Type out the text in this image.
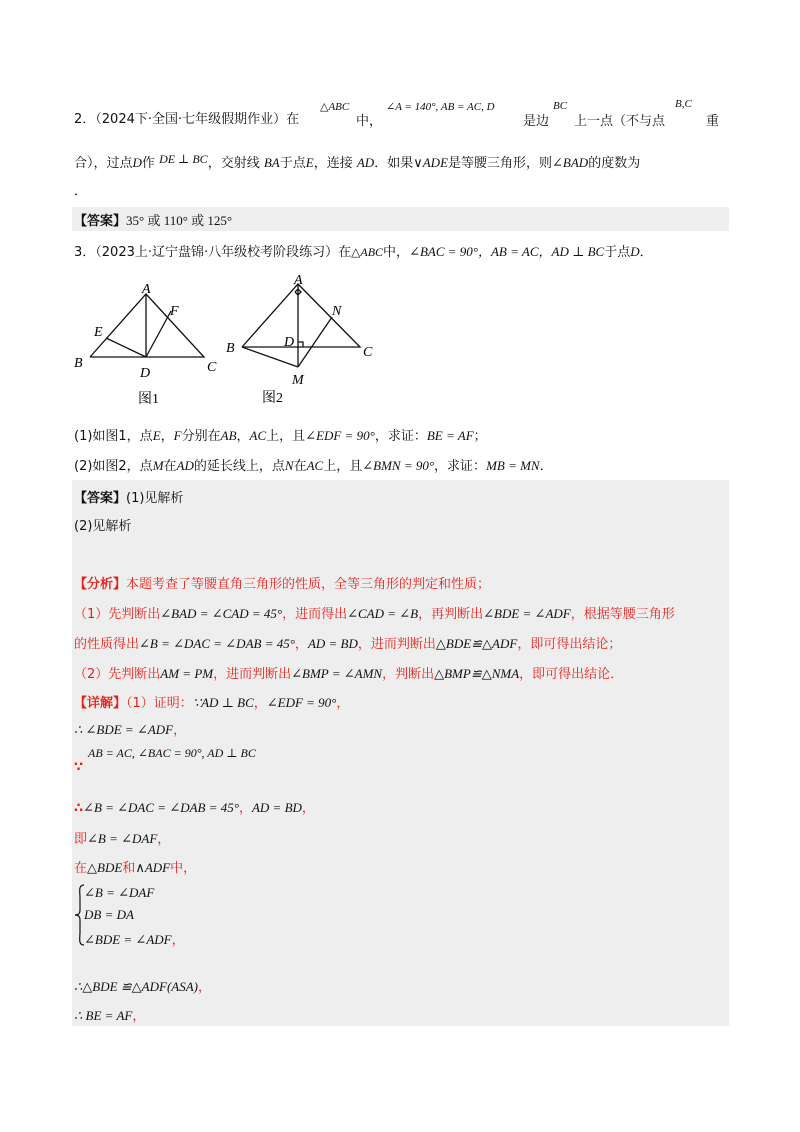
2．（2024下·全国·七年级假期作业）在
△ABC
中，
∠A = 140°, AB = AC, D
是边
BC
上一点（不与点
B,C
重
合），过点D作 DE ⊥ BC，交射线 BA于点E，连接 AD．如果∨ADE是等腰三角形，则∠BAD的度数为
．
【答案】35° 或 110° 或 125°
3．（2023上·辽宁盘锦·八年级校考阶段练习）在△ABC中，∠BAC = 90°，AB = AC，AD ⊥ BC于点D．
A
B	C
D
E
F
图1
A
B	C
D
M
N
图2
(1)如图1，点E，F分别在AB，AC上，且∠EDF = 90°，求证：BE = AF；
(2)如图2，点M在AD的延长线上，点N在AC上，且∠BMN = 90°，求证：MB = MN．
【答案】(1)见解析
(2)见解析
【分析】本题考查了等腰直角三角形的性质，全等三角形的判定和性质；
（1）先判断出∠BAD = ∠CAD = 45°，进而得出∠CAD = ∠B，再判断出∠BDE = ∠ADF，根据等腰三角形
的性质得出∠B = ∠DAC = ∠DAB = 45°，AD = BD，进而判断出△BDE≌△ADF，即可得出结论；
（2）先判断出AM = PM，进而判断出∠BMP = ∠AMN，判断出△BMP≌△NMA，即可得出结论．
【详解】（1）证明：∵AD ⊥ BC，∠EDF = 90°，
∴ ∠BDE = ∠ADF，
AB = AC, ∠BAC = 90°, AD ⊥ BC
∵
∴∠B = ∠DAC = ∠DAB = 45°，AD = BD，
即∠B = ∠DAF，
在△BDE和∧ADF中，
∠B = ∠DAF
DB = DA
∠BDE = ∠ADF，
∴△BDE ≌△ADF(ASA)，
∴ BE = AF，
